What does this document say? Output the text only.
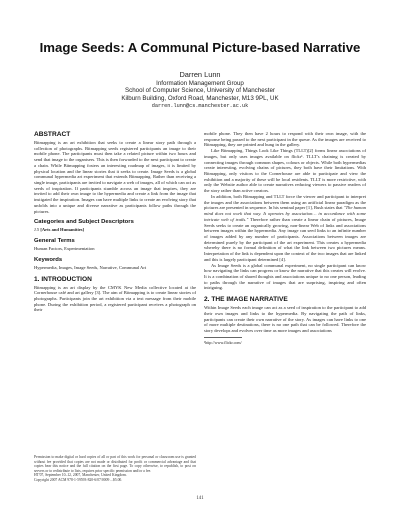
Image Seeds: A Communal Picture-based Narrative
Darren Lunn
Information Management Group
School of Computer Science, University of Manchester
Kilburn Building, Oxford Road, Manchester, M13 9PL, UK
darren.lunn@cs.manchester.ac.uk
ABSTRACT

Bitmapping is an art exhibition that seeks to create a linear story path through a collection of photographs. Bitmapping seeds registered participants an image to their mobile phone. The participants must then take a related picture within two hours and send that image to the organisers. This is then forwarded to the next participant to create a chain. While Bitmapping fosters an interesting roadmap of images, it is limited by physical location and the linear stories that it seeks to create. Image Seeds is a global communal hypermedia art experiment that extends Bitmapping. Rather than receiving a single image, participants are invited to navigate a web of images, all of which can act as seeds of inspiration. If participants stumble across an image that inspires, they are invited to add their own image to the hypermedia and create a link from the image that instigated the inspiration. Images can have multiple links to create an evolving story that unfolds into a unique and diverse narrative as participants follow paths through the pictures.

Categories and Subject Descriptors

J.5 [Arts and Humanities]

General Terms

Human Factors, Experimentation

Keywords

Hypermedia, Images, Image Seeds, Narrative, Communal Art

1. INTRODUCTION

Bitmapping is an art display by the CMYK New Media collective located at the Cornerhouse café and art gallery [3]. The aim of Bitmapping is to create linear stories of photographs. Participants join the art exhibition via a text message from their mobile phone. During the exhibition period, a registered participant receives a photograph on their

Permission to make digital or hard copies of all or part of this work for personal or classroom use is granted without fee provided that copies are not made or distributed for profit or commercial advantage and that copies bear this notice and the full citation on the first page. To copy otherwise, to republish, to post on servers or to redistribute to lists, requires prior specific permission and/or a fee.

HT'07, September 10–12, 2007, Manchester, United Kingdom.

Copyright 2007 ACM 978-1-59593-820-6/07/0009 ...$5.00.

mobile phone. They then have 2 hours to respond with their own image, with the response being passed to the next participant in the queue. As the images are received to Bitmapping, they are printed and hung in the gallery.

Like Bitmapping, Things Look Like Things (TLLT)[2] forms linear associations of images, but only uses images available on flickr¹. TLLT's chaining is created by connecting images through common shapes, colours or objects. While both hypermedias create interesting, evolving chains of pictures, they both have their limitations. With Bitmapping, only visitors to the Cornerhouse are able to participate and view the exhibition and a majority of these will be local residents. TLLT is more restrictive, with only the Website author able to create narratives reducing viewers to passive readers of the story rather than active creators.

In addition, both Bitmapping and TLLT force the viewer and participant to interpret the images and the associations between them using an artificial linear paradigm as the pictures are presented in sequence. In his seminal paper [1], Bush states that "The human mind does not work that way. It operates by association… in accordance with some intricate web of trails." Therefore rather than create a linear chain of pictures, Image Seeds seeks to create an organically growing, non-linear Web of links and associations between images within the hypermedia. Any image can seed links to an infinite number of images added by any number of participants. Associations between images are determined purely by the participant of the art experiment. This creates a hypermedia whereby there is no formal definition of what the link between two pictures means. Interpretation of the link is dependent upon the context of the two images that are linked and this is largely participant determined [4].

As Image Seeds is a global communal experiment, no single participant can know how navigating the links can progress or know the narrative that this creates will evolve. It is a combination of shared thoughts and associations unique to no one person, leading to paths through the narrative of images that are surprising, inspiring and often intriguing.

2. THE IMAGE NARRATIVE

Within Image Seeds each image can act as a seed of inspiration to the participant to add their own images and links to the hypermedia. By navigating the path of links, participants can create their own narrative of the story. As images can have links to one of more multiple destinations, there is no one path that can be followed. Therefore the story develops and evolves over time as more images and associations

¹http://www.flickr.com/

141
